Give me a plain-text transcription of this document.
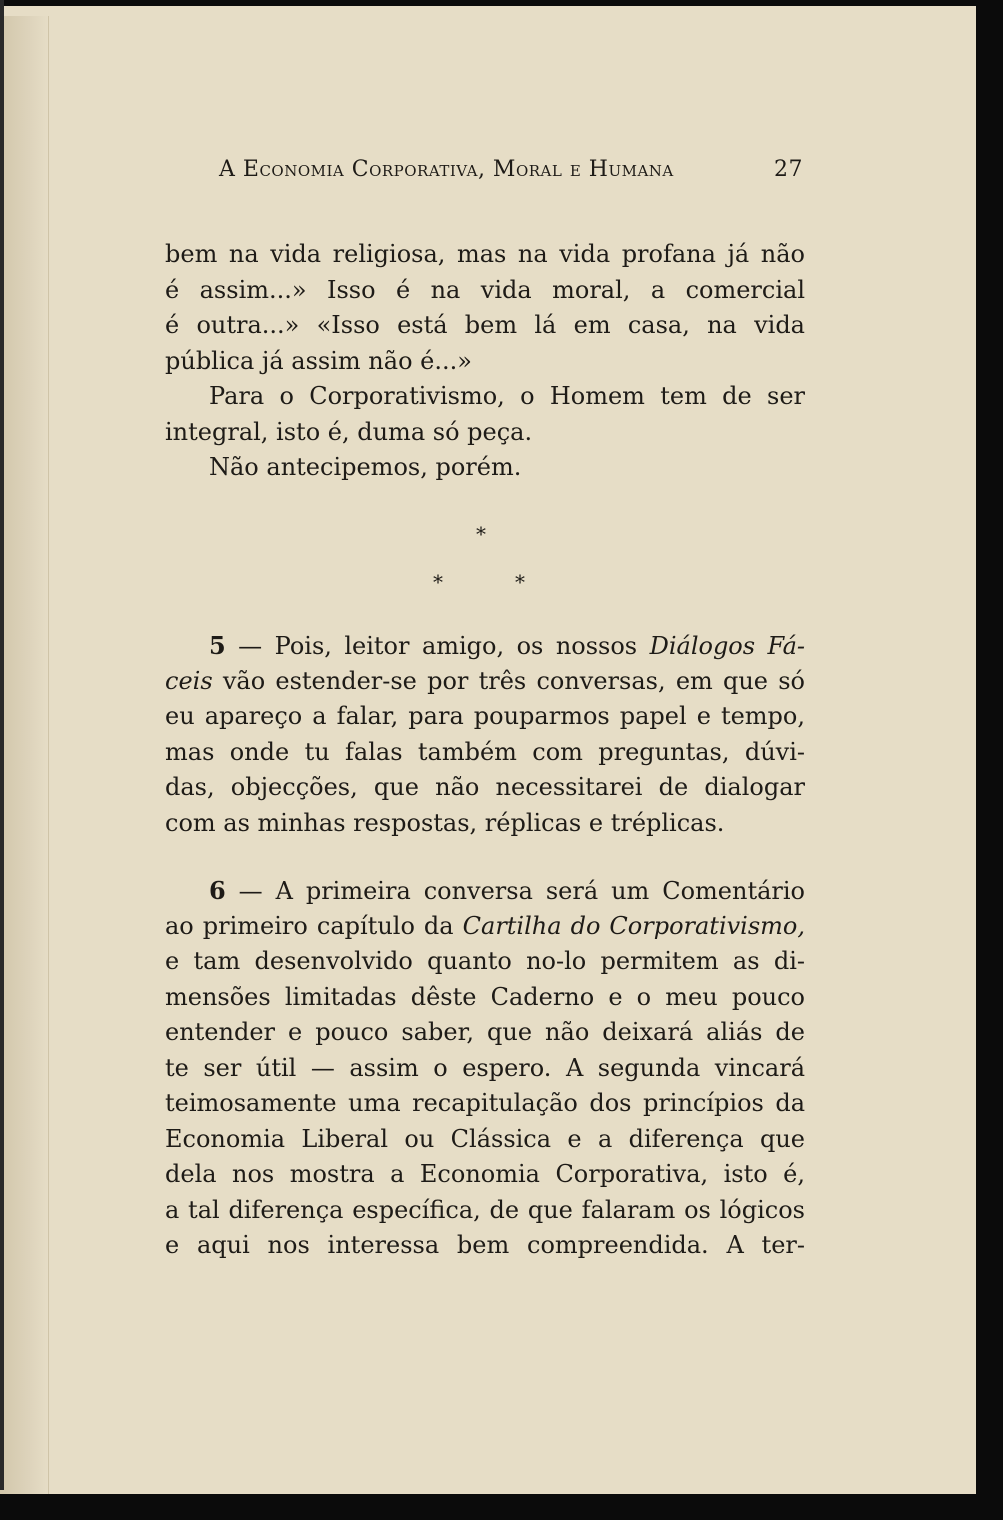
A Economia Corporativa, Moral e Humana	27
bem na vida religiosa, mas na vida profana já não
é assim...» Isso é na vida moral, a comercial
é outra...» «Isso está bem lá em casa, na vida
pública já assim não é...»
Para o Corporativismo, o Homem tem de ser
integral, isto é, duma só peça.
Não antecipemos, porém.
*
*	*
5 — Pois, leitor amigo, os nossos Diálogos Fá-
ceis vão estender-se por três conversas, em que só
eu apareço a falar, para pouparmos papel e tempo,
mas onde tu falas também com preguntas, dúvi-
das, objecções, que não necessitarei de dialogar
com as minhas respostas, réplicas e tréplicas.
6 — A primeira conversa será um Comentário
ao primeiro capítulo da Cartilha do Corporativismo,
e tam desenvolvido quanto no-lo permitem as di-
mensões limitadas dêste Caderno e o meu pouco
entender e pouco saber, que não deixará aliás de
te ser útil — assim o espero. A segunda vincará
teimosamente uma recapitulação dos princípios da
Economia Liberal ou Clássica e a diferença que
dela nos mostra a Economia Corporativa, isto é,
a tal diferença específica, de que falaram os lógicos
e aqui nos interessa bem compreendida. A ter-
